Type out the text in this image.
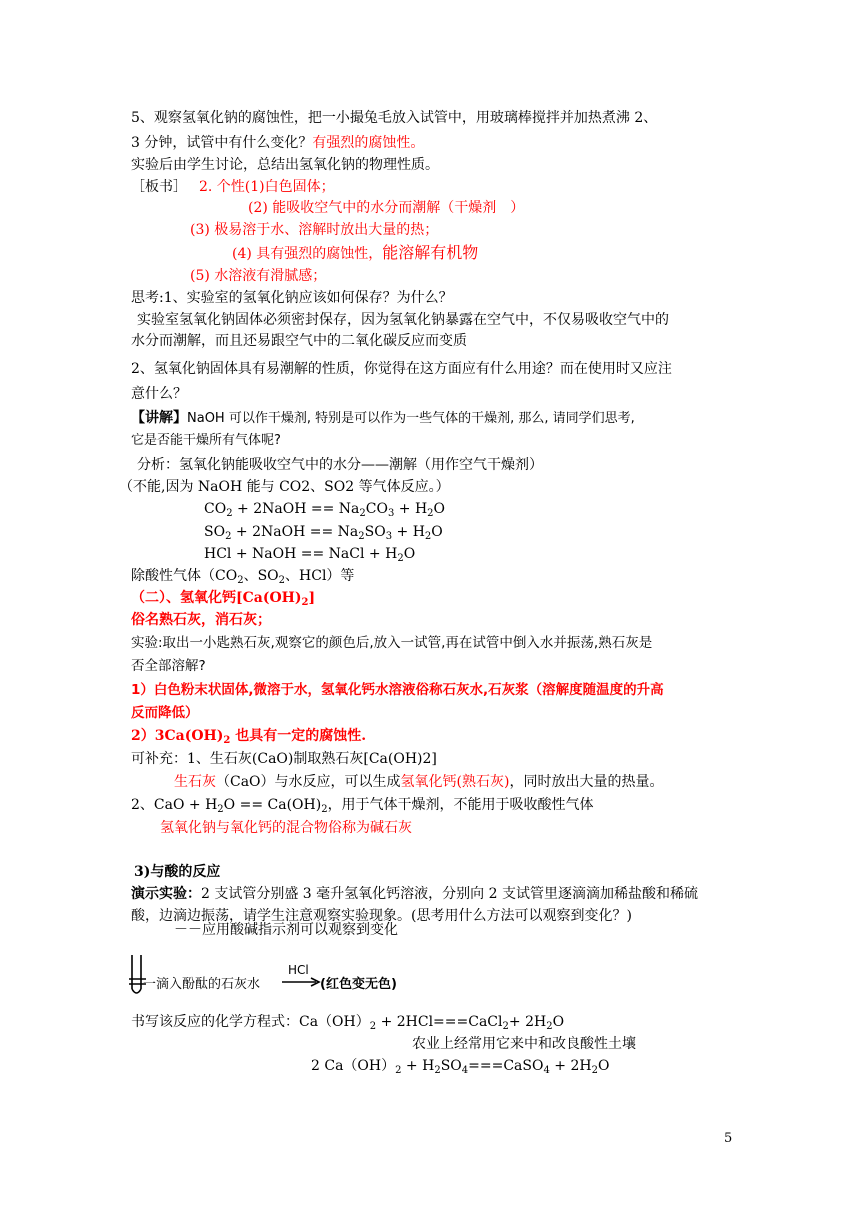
5、观察氢氧化钠的腐蚀性，把一小撮兔毛放入试管中，用玻璃棒搅拌并加热煮沸 2、
3 分钟，试管中有什么变化？有强烈的腐蚀性。
实验后由学生讨论，总结出氢氧化钠的物理性质。
［板书］ 2. 个性(1)白色固体；
(2) 能吸收空气中的水分而潮解（干燥剂　）
(3) 极易溶于水、溶解时放出大量的热；
(4) 具有强烈的腐蚀性，能溶解有机物
(5) 水溶液有滑腻感；
思考:1、实验室的氢氧化钠应该如何保存？为什么？
实验室氢氧化钠固体必须密封保存，因为氢氧化钠暴露在空气中，不仅易吸收空气中的
水分而潮解，而且还易跟空气中的二氧化碳反应而变质
2、氢氧化钠固体具有易潮解的性质，你觉得在这方面应有什么用途？而在使用时又应注
意什么？
【讲解】NaOH 可以作干燥剂, 特别是可以作为一些气体的干燥剂, 那么, 请同学们思考,
它是否能干燥所有气体呢?
分析：氢氧化钠能吸收空气中的水分——潮解（用作空气干燥剂）
（不能,因为 NaOH 能与 CO2、SO2 等气体反应。）
$CO_2$ + 2NaOH == $Na_2CO_3 + H_2O$
$SO_2$ + 2NaOH == $Na_2SO_3 + H_2O$
HCl + NaOH == NaCl + $H_2O$
除酸性气体（$CO_2$、$SO_2$、HCl）等
（二）、氢氧化钙$[Ca(OH)_2]$
俗名熟石灰，消石灰；
实验:取出一小匙熟石灰,观察它的颜色后,放入一试管,再在试管中倒入水并振荡,熟石灰是
否全部溶解?
1）白色粉末状固体,微溶于水，氢氧化钙水溶液俗称石灰水,石灰浆（溶解度随温度的升高
反而降低）
$2)3Ca(OH)_2$ 也具有一定的腐蚀性.
可补充：1、生石灰(CaO)制取熟石灰[Ca(OH)2]
生石灰（CaO）与水反应，可以生成氢氧化钙(熟石灰)，同时放出大量的热量。
2、CaO + $H_2O == Ca(OH)_2$，用于气体干燥剂，不能用于吸收酸性气体
氢氧化钠与氧化钙的混合物俗称为碱石灰
3)与酸的反应
演示实验：2 支试管分别盛 3 毫升氢氧化钙溶液，分别向 2 支试管里逐滴滴加稀盐酸和稀硫
酸，边滴边振荡，请学生注意观察实验现象。(思考用什么方法可以观察到变化？)
－－应用酸碱指示剂可以观察到变化
一滴入酚酞的石灰水
HCl
(红色变无色)
书写该反应的化学方程式：$Ca(OH)_2$ + 2HCl===CaCl$_2$+ $2H_2O$
农业上经常用它来中和改良酸性土壤
2 $Ca(OH)_2$ + $H_2SO_4===CaSO_4 + 2H_2O$
5
